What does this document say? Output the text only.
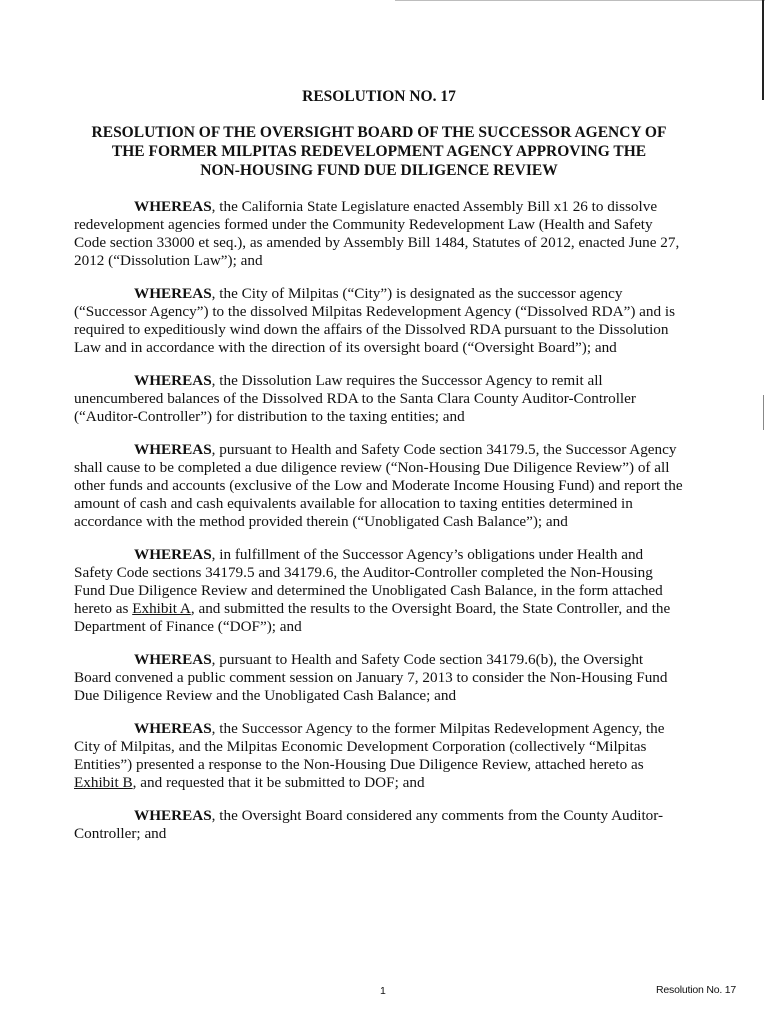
RESOLUTION NO. 17
RESOLUTION OF THE OVERSIGHT BOARD OF THE SUCCESSOR AGENCY OF
THE FORMER MILPITAS REDEVELOPMENT AGENCY APPROVING THE
NON-HOUSING FUND DUE DILIGENCE REVIEW

WHEREAS, the California State Legislature enacted Assembly Bill x1 26 to dissolve redevelopment agencies formed under the Community Redevelopment Law (Health and Safety Code section 33000 et seq.), as amended by Assembly Bill 1484, Statutes of 2012, enacted June 27, 2012 (“Dissolution Law”); and

WHEREAS, the City of Milpitas (“City”) is designated as the successor agency (“Successor Agency”) to the dissolved Milpitas Redevelopment Agency (“Dissolved RDA”) and is required to expeditiously wind down the affairs of the Dissolved RDA pursuant to the Dissolution Law and in accordance with the direction of its oversight board (“Oversight Board”); and

WHEREAS, the Dissolution Law requires the Successor Agency to remit all unencumbered balances of the Dissolved RDA to the Santa Clara County Auditor-Controller (“Auditor-Controller”) for distribution to the taxing entities; and

WHEREAS, pursuant to Health and Safety Code section 34179.5, the Successor Agency shall cause to be completed a due diligence review (“Non-Housing Due Diligence Review”) of all other funds and accounts (exclusive of the Low and Moderate Income Housing Fund) and report the amount of cash and cash equivalents available for allocation to taxing entities determined in accordance with the method provided therein (“Unobligated Cash Balance”); and

WHEREAS, in fulfillment of the Successor Agency’s obligations under Health and Safety Code sections 34179.5 and 34179.6, the Auditor-Controller completed the Non-Housing Fund Due Diligence Review and determined the Unobligated Cash Balance, in the form attached hereto as Exhibit A, and submitted the results to the Oversight Board, the State Controller, and the Department of Finance (“DOF”); and

WHEREAS, pursuant to Health and Safety Code section 34179.6(b), the Oversight Board convened a public comment session on January 7, 2013 to consider the Non-Housing Fund Due Diligence Review and the Unobligated Cash Balance; and

WHEREAS, the Successor Agency to the former Milpitas Redevelopment Agency, the City of Milpitas, and the Milpitas Economic Development Corporation (collectively “Milpitas Entities”) presented a response to the Non-Housing Due Diligence Review, attached hereto as Exhibit B, and requested that it be submitted to DOF; and

WHEREAS, the Oversight Board considered any comments from the County Auditor-Controller; and

1	Resolution No. 17
